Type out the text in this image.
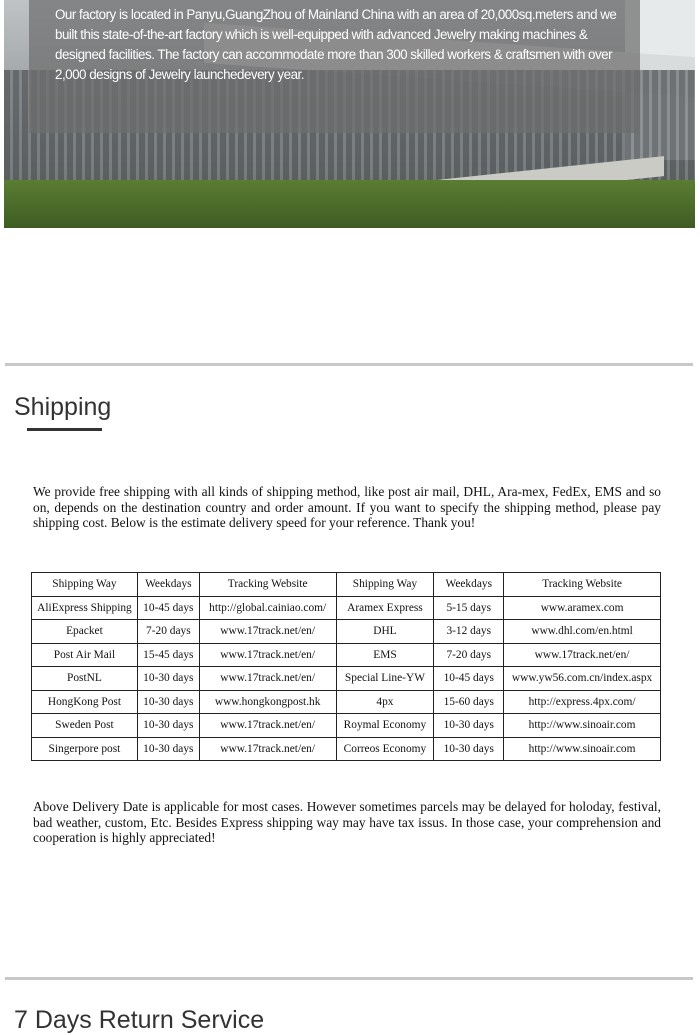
Our factory is located in Panyu,GuangZhou of Mainland China with an area of 20,000sq.meters and we built this state-of-the-art factory which is well-equipped with advanced Jewelry making machines & designed facilities. The factory can accommodate more than 300 skilled workers & craftsmen with over 2,000 designs of Jewelry launchedevery year.

Shipping

We provide free shipping with all kinds of shipping method, like post air mail, DHL, Ara-mex, FedEx, EMS and so on, depends on the destination country and order amount. If you want to specify the shipping method, please pay shipping cost. Below is the estimate delivery speed for your reference. Thank you!

Shipping Way	Weekdays	Tracking Website	Shipping Way	Weekdays	Tracking Website
AliExpress Shipping	10-45 days	http://global.cainiao.com/	Aramex Express	5-15 days	www.aramex.com
Epacket	7-20 days	www.17track.net/en/	DHL	3-12 days	www.dhl.com/en.html
Post Air Mail	15-45 days	www.17track.net/en/	EMS	7-20 days	www.17track.net/en/
PostNL	10-30 days	www.17track.net/en/	Special Line-YW	10-45 days	www.yw56.com.cn/index.aspx
HongKong Post	10-30 days	www.hongkongpost.hk	4px	15-60 days	http://express.4px.com/
Sweden Post	10-30 days	www.17track.net/en/	Roymal Economy	10-30 days	http://www.sinoair.com
Singerpore post	10-30 days	www.17track.net/en/	Correos Economy	10-30 days	http://www.sinoair.com

Above Delivery Date is applicable for most cases. However sometimes parcels may be delayed for holoday, festival, bad weather, custom, Etc. Besides Express shipping way may have tax issus. In those case, your comprehension and cooperation is highly appreciated!

7 Days Return Service
